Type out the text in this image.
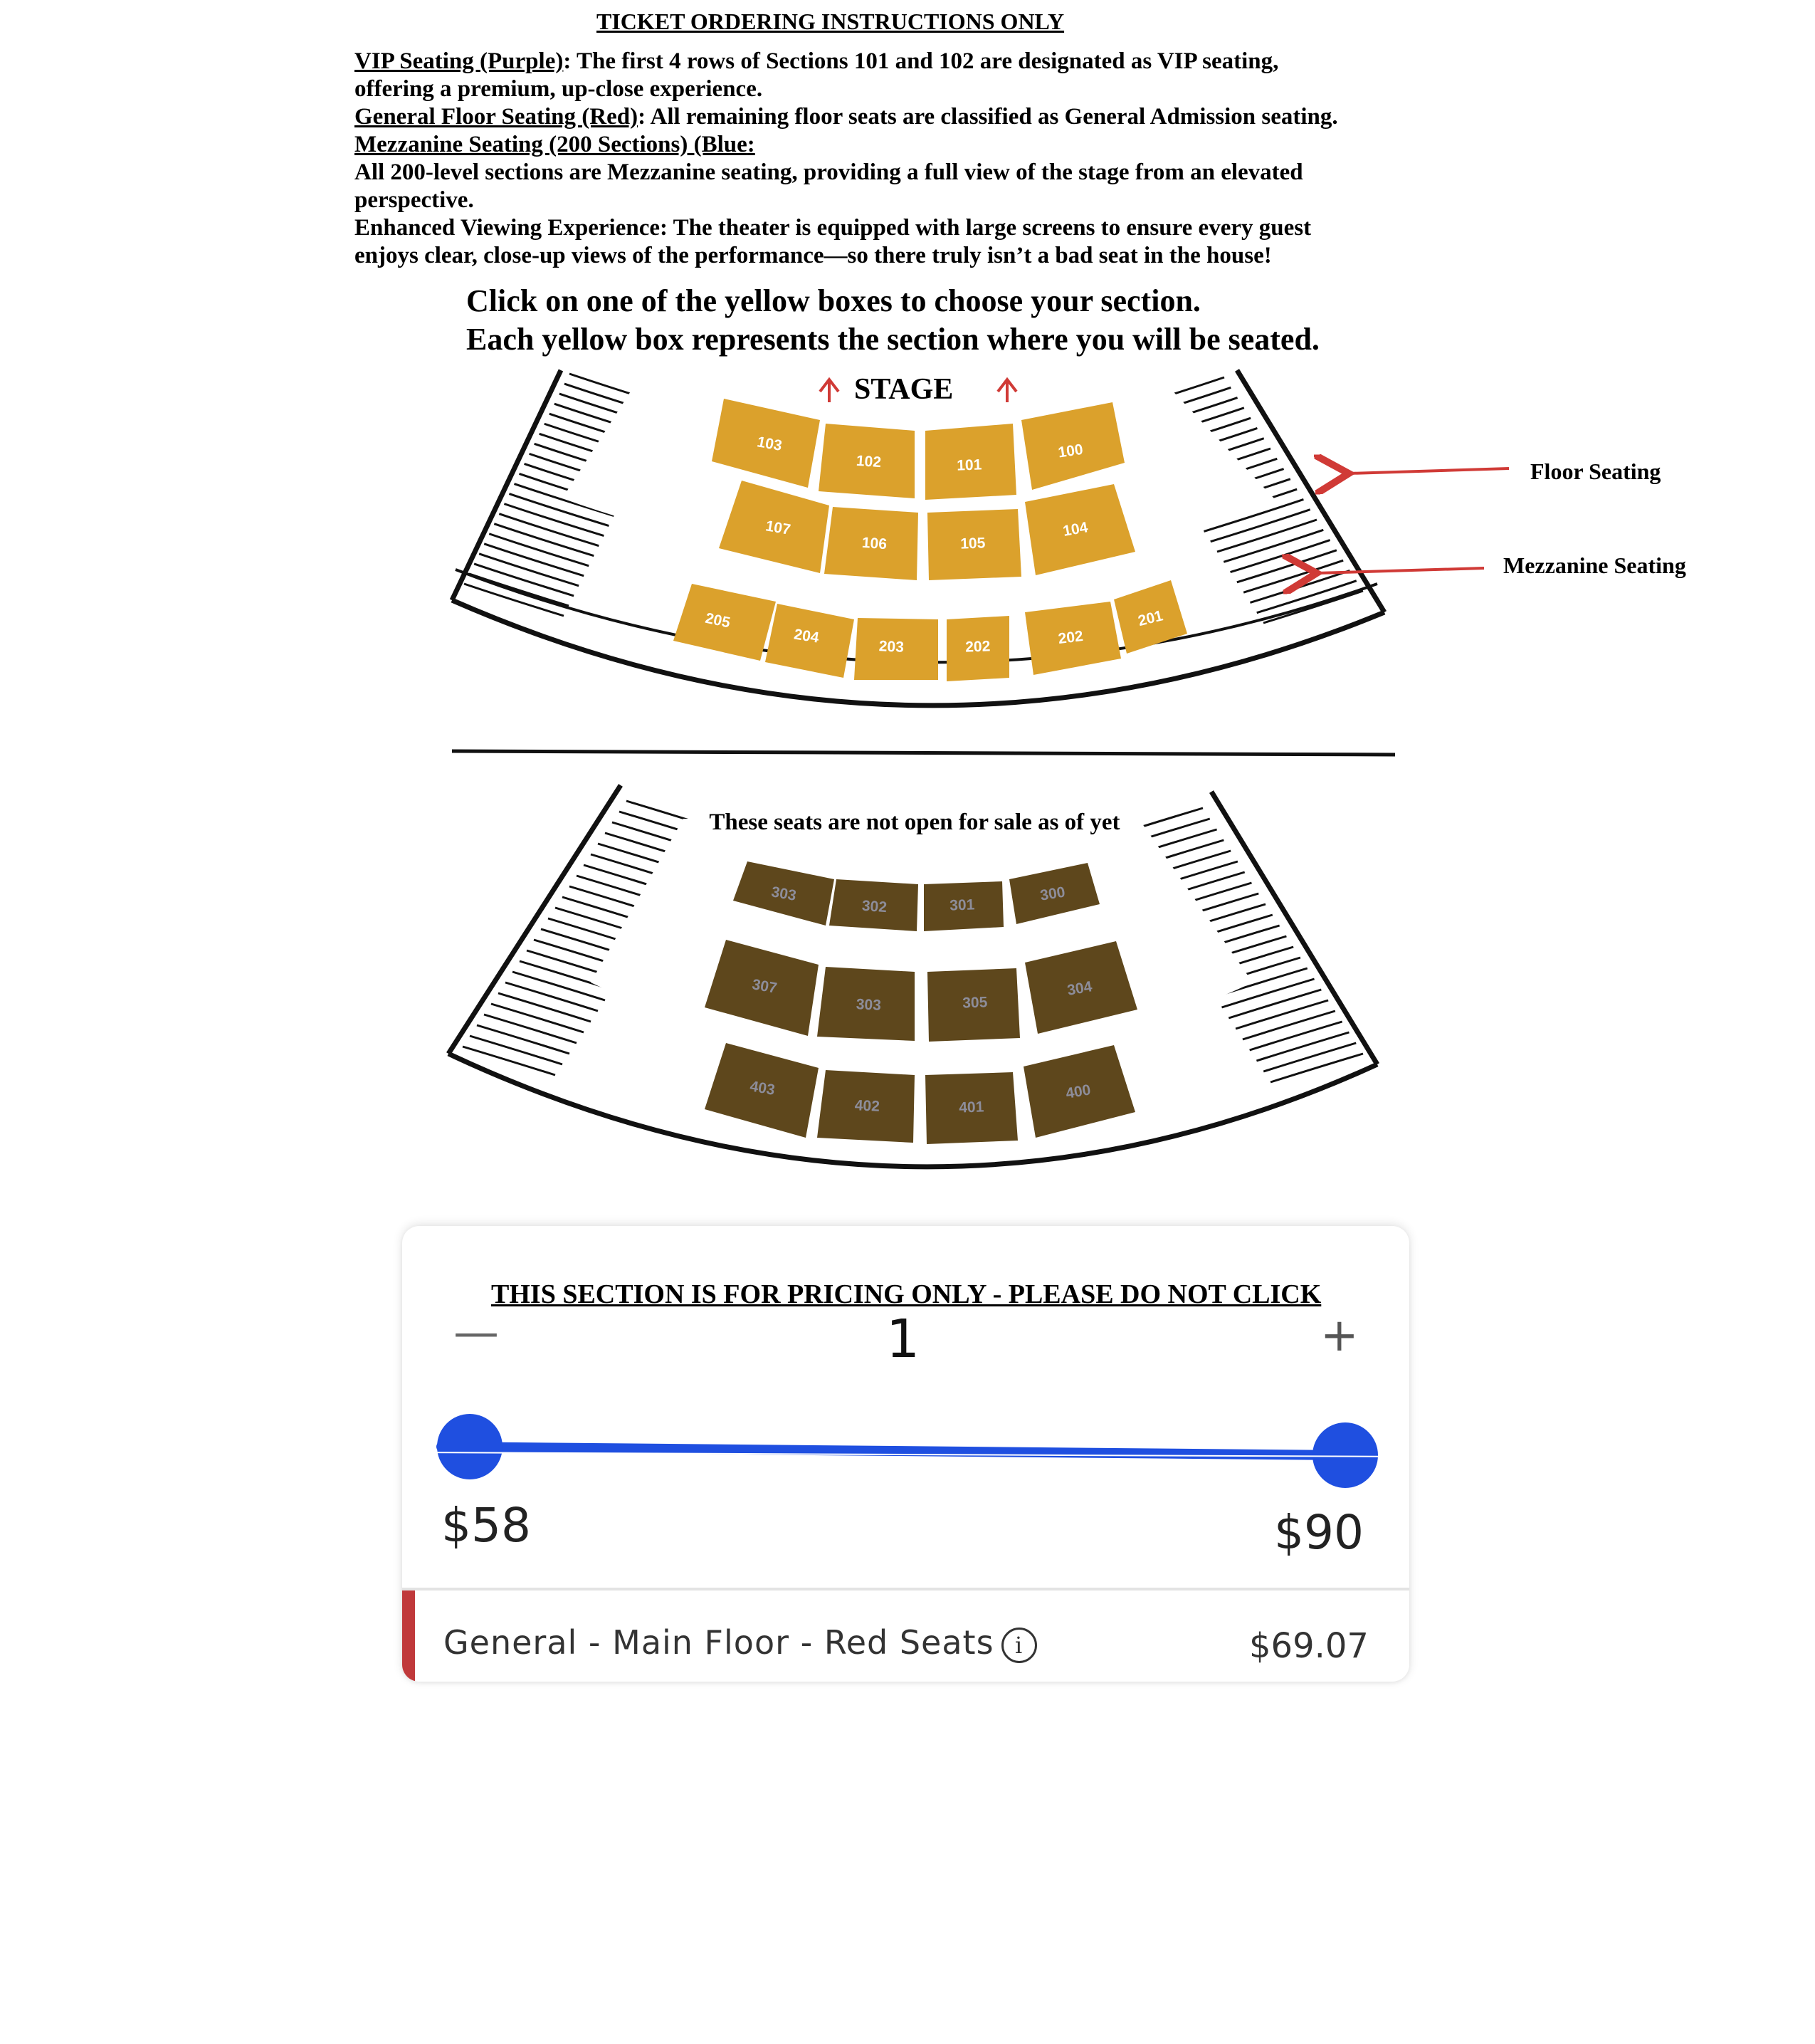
TICKET ORDERING INSTRUCTIONS ONLY

VIP Seating (Purple): The first 4 rows of Sections 101 and 102 are designated as VIP seating,

offering a premium, up-close experience.

General Floor Seating (Red): All remaining floor seats are classified as General Admission seating.

Mezzanine Seating (200 Sections) (Blue:

All 200-level sections are Mezzanine seating, providing a full view of the stage from an elevated

perspective.

Enhanced Viewing Experience: The theater is equipped with large screens to ensure every guest

enjoys clear, close-up views of the performance—so there truly isn’t a bad seat in the house!

Click on one of the yellow boxes to choose your section.
Each yellow box represents the section where you will be seated.
STAGE
103
102	101
100
107
106	105
104
205
204
203	202	202
201
Floor Seating
Mezzanine Seating
These seats are not open for sale as of yet
303
302	301
300
307
303	305
304
403
402	401
400
THIS SECTION IS FOR PRICING ONLY - PLEASE DO NOT CLICK
—	1	+
$58	$90
General - Main Floor - Red Seats i	$69.07
